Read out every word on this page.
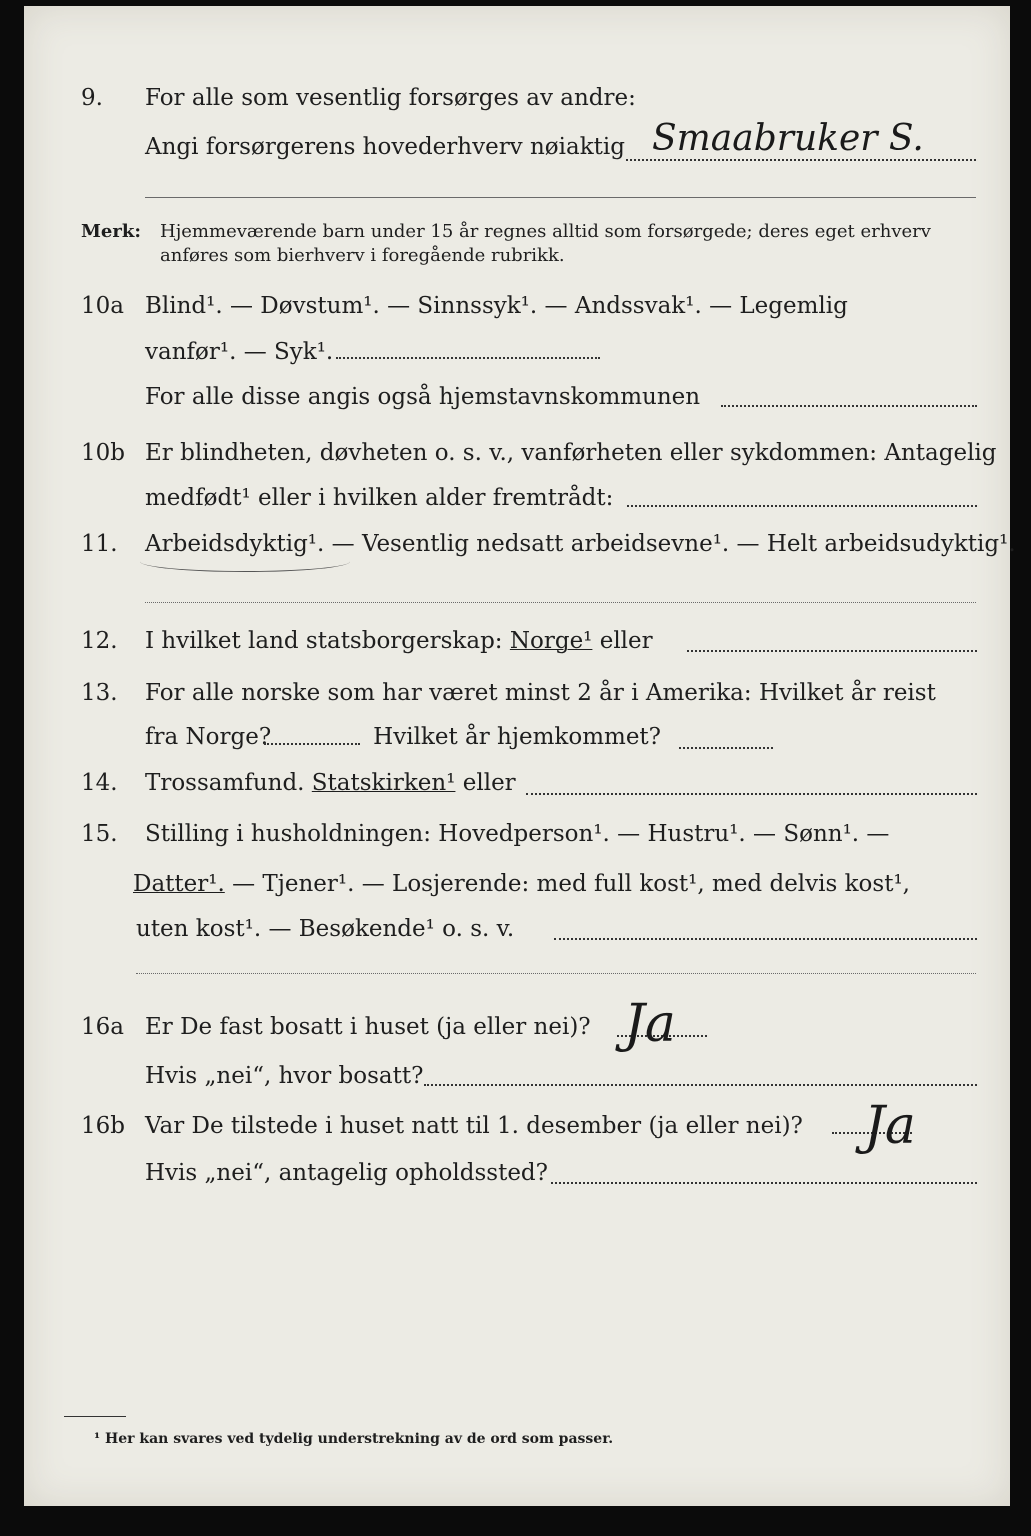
9. For alle som vesentlig forsørges av andre:
Angi forsørgerens hovederhverv nøiaktig Smaabruker S.
Merk: Hjemmeværende barn under 15 år regnes alltid som forsørgede; deres eget erhverv
anføres som bierhverv i foregående rubrikk.
10a Blind¹. — Døvstum¹. — Sinnssyk¹. — Andssvak¹. — Legemlig
vanfør¹. — Syk¹.
For alle disse angis også hjemstavnskommunen
10b Er blindheten, døvheten o. s. v., vanførheten eller sykdommen: Antagelig
medfødt¹ eller i hvilken alder fremtrådt:
11. Arbeidsdyktig¹. — Vesentlig nedsatt arbeidsevne¹. — Helt arbeidsudyktig¹.
12. I hvilket land statsborgerskap: Norge¹ eller
13. For alle norske som har været minst 2 år i Amerika: Hvilket år reist
fra Norge?	Hvilket år hjemkommet?
14. Trossamfund. Statskirken¹ eller
15. Stilling i husholdningen: Hovedperson¹. — Hustru¹. — Sønn¹. —
Datter¹. — Tjener¹. — Losjerende: med full kost¹, med delvis kost¹,
uten kost¹. — Besøkende¹ o. s. v.
16a Er De fast bosatt i huset (ja eller nei)? Ja
Hvis „nei“, hvor bosatt?
16b Var De tilstede i huset natt til 1. desember (ja eller nei)? Ja
Hvis „nei“, antagelig opholdssted?
¹ Her kan svares ved tydelig understrekning av de ord som passer.
